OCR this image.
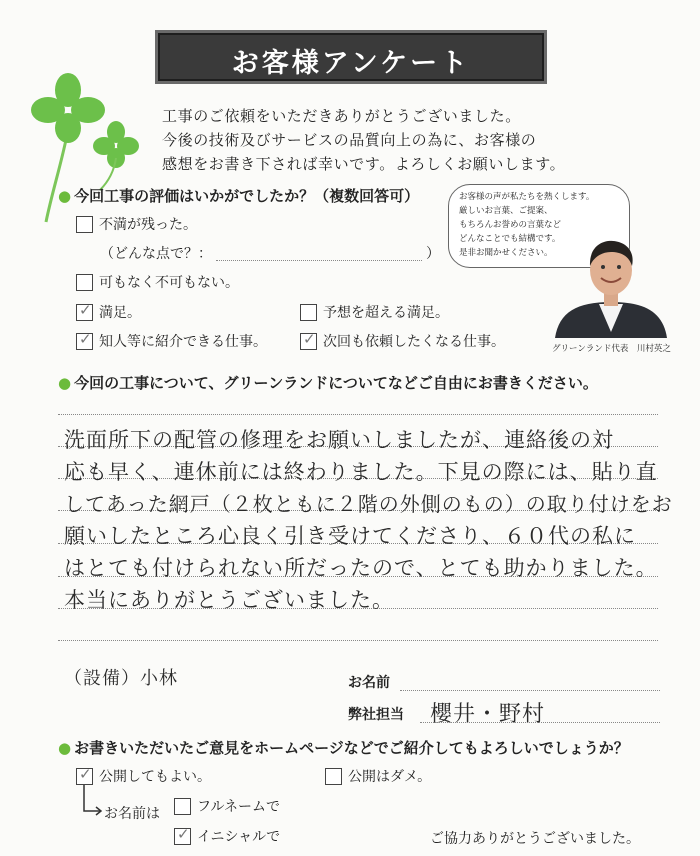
お客様アンケート
工事のご依頼をいただきありがとうございました。
今後の技術及びサービスの品質向上の為に、お客様の
感想をお書き下されば幸いです。よろしくお願いします。
● 今回工事の評価はいかがでしたか？（複数回答可）
不満が残った。
（どんな点で？：	）
可もなく不可もない。
✓ 満足。	予想を超える満足。
✓ 知人等に紹介できる仕事。 ✓ 次回も依頼したくなる仕事。
お客様の声が私たちを熱くします。
厳しいお言葉、ご提案、
もちろんお誉めの言葉など
どんなことでも結構です。
是非お聞かせください。
グリーンランド代表　川村英之
● 今回の工事について、グリーンランドについてなどご自由にお書きください。
洗面所下の配管の修理をお願いしましたが、連絡後の対
応も早く、連休前には終わりました。下見の際には、貼り直
してあった網戸（２枚ともに２階の外側のもの）の取り付けをお
願いしたところ心良く引き受けてくださり、６０代の私に
はとても付けられない所だったので、とても助かりました。
本当にありがとうございました。
（設備）小林	お名前
弊社担当 櫻井・野村
● お書きいただいたご意見をホームページなどでご紹介してもよろしいでしょうか？
✓ 公開してもよい。	公開はダメ。
お名前は	フルネームで
✓ イニシャルで	ご協力ありがとうございました。
